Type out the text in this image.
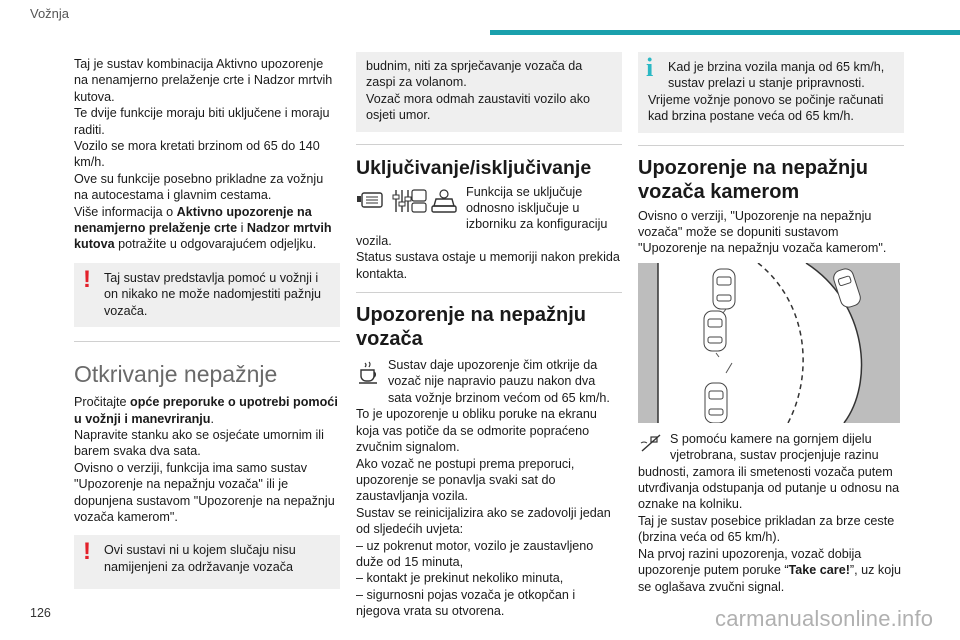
Vožnja

Taj je sustav kombinacija Aktivno upozorenje na nenamjerno prelaženje crte i Nadzor mrtvih kutova.

Te dvije funkcije moraju biti uključene i moraju raditi.

Vozilo se mora kretati brzinom od 65 do 140 km/h.

Ove su funkcije posebno prikladne za vožnju na autocestama i glavnim cestama.

Više informacija o Aktivno upozorenje na nenamjerno prelaženje crte i Nadzor mrtvih kutova potražite u odgovarajućem odjeljku.

! Taj sustav predstavlja pomoć u vožnji i on nikako ne može nadomjestiti pažnju vozača.

Otkrivanje nepažnje

Pročitajte opće preporuke o upotrebi pomoći u vožnji i manevriranju.

Napravite stanku ako se osjećate umornim ili barem svaka dva sata.

Ovisno o verziji, funkcija ima samo sustav "Upozorenje na nepažnju vozača" ili je dopunjena sustavom "Upozorenje na nepažnju vozača kamerom".

! Ovi sustavi ni u kojem slučaju nisu namijenjeni za održavanje vozača

budnim, niti za sprječavanje vozača da zaspi za volanom.

Vozač mora odmah zaustaviti vozilo ako osjeti umor.

Uključivanje/isključivanje

Funkcija se uključuje odnosno isključuje u izborniku za konfiguraciju vozila.

Status sustava ostaje u memoriji nakon prekida kontakta.

Upozorenje na nepažnju vozača

Sustav daje upozorenje čim otkrije da vozač nije napravio pauzu nakon dva sata vožnje brzinom većom od 65 km/h.

To je upozorenje u obliku poruke na ekranu koja vas potiče da se odmorite popraćeno zvučnim signalom.

Ako vozač ne postupi prema preporuci, upozorenje se ponavlja svaki sat do zaustavljanja vozila.

Sustav se reinicijalizira ako se zadovolji jedan od sljedećih uvjeta:

– uz pokrenut motor, vozilo je zaustavljeno duže od 15 minuta,

– kontakt je prekinut nekoliko minuta,

– sigurnosni pojas vozača je otkopčan i njegova vrata su otvorena.

i Kad je brzina vozila manja od 65 km/h, sustav prelazi u stanje pripravnosti.

Vrijeme vožnje ponovo se počinje računati kad brzina postane veća od 65 km/h.

Upozorenje na nepažnju vozača kamerom

Ovisno o verziji, "Upozorenje na nepažnju vozača" može se dopuniti sustavom "Upozorenje na nepažnju vozača kamerom".

S pomoću kamere na gornjem dijelu vjetrobrana, sustav procjenjuje razinu budnosti, zamora ili smetenosti vozača putem utvrđivanja odstupanja od putanje u odnosu na oznake na kolniku.

Taj je sustav posebice prikladan za brze ceste (brzina veća od 65 km/h).

Na prvoj razini upozorenja, vozač dobija upozorenje putem poruke “Take care!”, uz koju se oglašava zvučni signal.

126	carmanualsonline.info
